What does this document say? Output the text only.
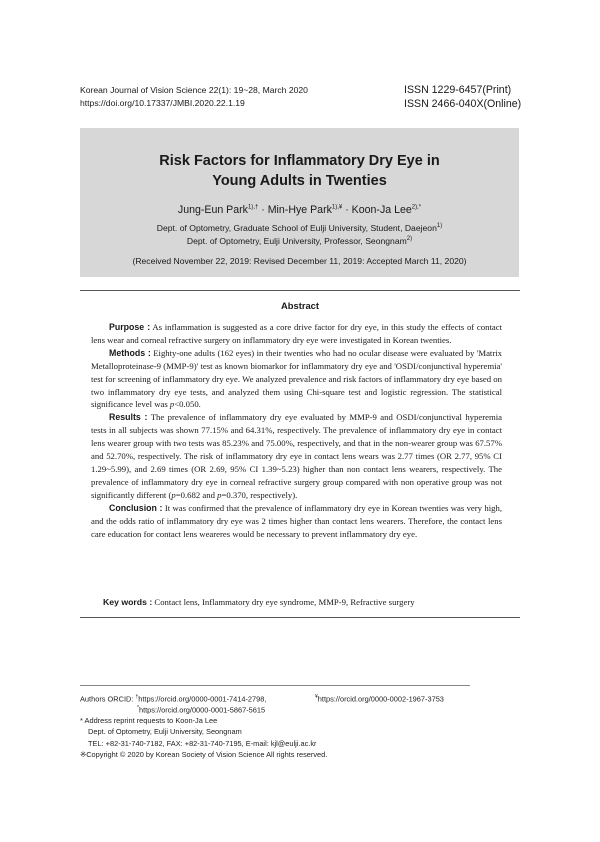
Korean Journal of Vision Science 22(1): 19~28, March 2020
https://doi.org/10.17337/JMBI.2020.22.1.19
ISSN 1229-6457(Print)
ISSN 2466-040X(Online)
Risk Factors for Inflammatory Dry Eye in
Young Adults in Twenties
Jung-Eun Park$^{1),\dagger}$ · Min-Hye Park$^{1),¥}$ · Koon-Ja Lee$^{2),*}$
Dept. of Optometry, Graduate School of Eulji University, Student, Daejeon$^{1)}$
Dept. of Optometry, Eulji University, Professor, Seongnam$^{2)}$
(Received November 22, 2019: Revised December 11, 2019: Accepted March 11, 2020)
Abstract

Purpose : As inflammation is suggested as a core drive factor for dry eye, in this study the effects of contact lens wear and corneal refractive surgery on inflammatory dry eye were investigated in Korean twenties.

Methods : Eighty-one adults (162 eyes) in their twenties who had no ocular disease were evaluated by 'Matrix Metalloproteinase-9 (MMP-9)' test as known biomarkor for inflammatory dry eye and 'OSDI/conjunctival hyperemia' test for screening of inflammatory dry eye. We analyzed prevalence and risk factors of inflammatory dry eye based on two inflammatory dry eye tests, and analyzed them using Chi-square test and logistic regression. The statistical significance level was p<0.050.

Results : The prevalence of inflammatory dry eye evaluated by MMP-9 and OSDI/conjunctival hyperemia tests in all subjects was shown 77.15% and 64.31%, respectively. The prevalence of inflammatory dry eye in contact lens wearer group with two tests was 85.23% and 75.00%, respectively, and that in the non-wearer group was 67.57% and 52.70%, respectively. The risk of inflammatory dry eye in contact lens wears was 2.77 times (OR 2.77, 95% CI 1.29~5.99), and 2.69 times (OR 2.69, 95% CI 1.39~5.23) higher than non contact lens wearers, respectively. The prevalence of inflammatory dry eye in corneal refractive surgery group compared with non operative group was not significantly different (p=0.682 and p=0.370, respectively).

Conclusion : It was confirmed that the prevalence of inflammatory dry eye in Korean twenties was very high, and the odds ratio of inflammatory dry eye was 2 times higher than contact lens wearers. Therefore, the contact lens care education for contact lens weareres would be necessary to prevent inflammatory dry eye.

Key words : Contact lens, Inflammatory dry eye syndrome, MMP-9, Refractive surgery
Authors ORCID: †https://orcid.org/0000-0001-7414-2798,	¥https://orcid.org/0000-0002-1967-3753
*https://orcid.org/0000-0001-5867-5615
* Address reprint requests to Koon-Ja Lee
Dept. of Optometry, Eulji University, Seongnam
TEL: +82-31-740-7182, FAX: +82-31-740-7195, E-mail: kjl@eulji.ac.kr
※Copyright © 2020 by Korean Society of Vision Science All rights reserved.
